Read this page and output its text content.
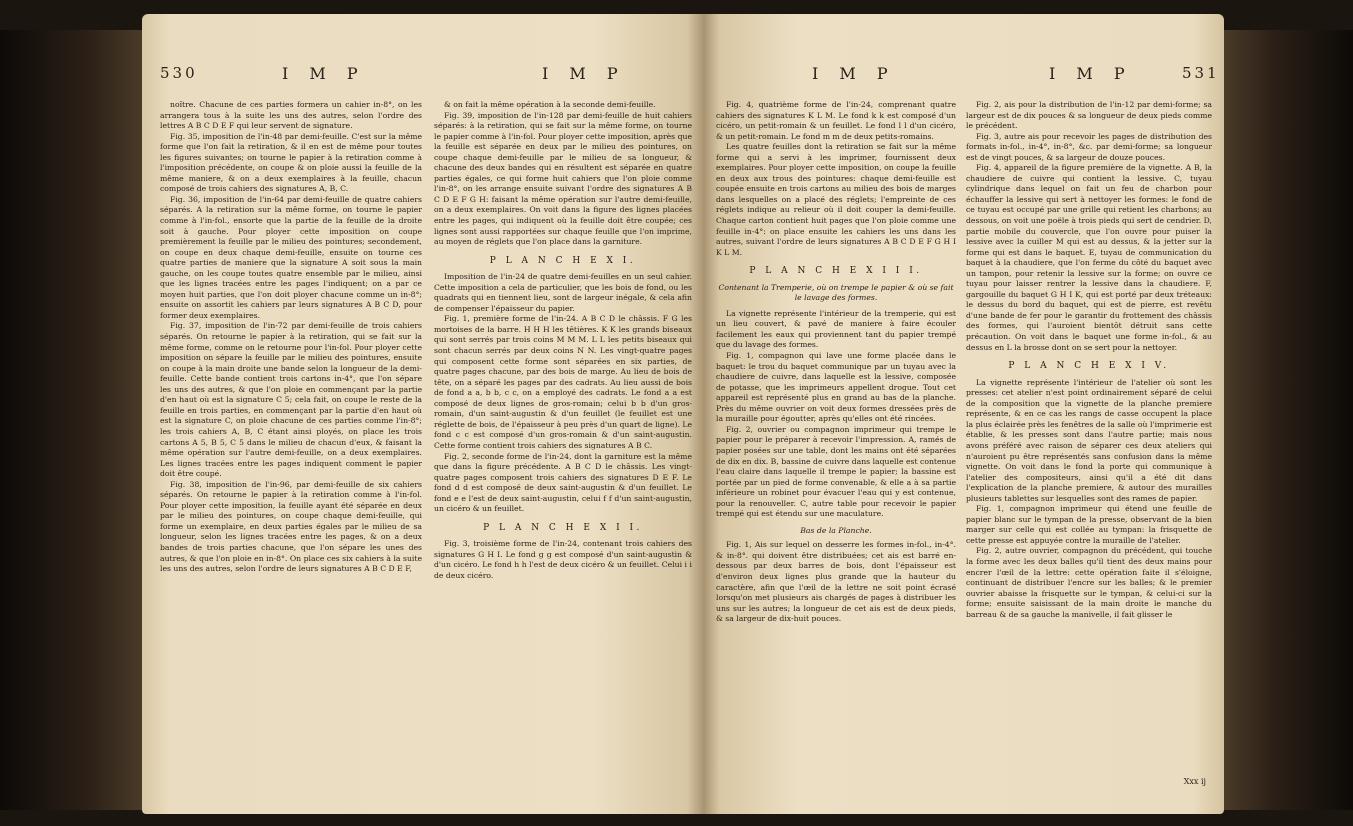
530	I M P	I M P

noître. Chacune de ces parties formera un cahier in-8°, on les arrangera tous à la suite les uns des autres, selon l'ordre des lettres A B C D E F qui leur servent de signature.

Fig. 35, imposition de l'in-48 par demi-feuille. C'est sur la même forme que l'on fait la retiration, & il en est de même pour toutes les figures suivantes; on tourne le papier à la retiration comme à l'imposition précédente, on coupe & on ploie aussi la feuille de la même maniere, & on a deux exemplaires à la feuille, chacun composé de trois cahiers des signatures A, B, C.

Fig. 36, imposition de l'in-64 par demi-feuille de quatre cahiers séparés. A la retiration sur la même forme, on tourne le papier comme à l'in-fol., ensorte que la partie de la feuille de la droite soit à gauche. Pour ployer cette imposition on coupe premièrement la feuille par le milieu des pointures; secondement, on coupe en deux chaque demi-feuille, ensuite on tourne ces quatre parties de maniere que la signature A soit sous la main gauche, on les coupe toutes quatre ensemble par le milieu, ainsi que les lignes tracées entre les pages l'indiquent; on a par ce moyen huit parties, que l'on doit ployer chacune comme un in-8°; ensuite on assortit les cahiers par leurs signatures A B C D, pour former deux exemplaires.

Fig. 37, imposition de l'in-72 par demi-feuille de trois cahiers séparés. On retourne le papier à la retiration, qui se fait sur la même forme, comme on le retourne pour l'in-fol. Pour ployer cette imposition on sépare la feuille par le milieu des pointures, ensuite on coupe à la main droite une bande selon la longueur de la demi-feuille. Cette bande contient trois cartons in-4°, que l'on sépare les uns des autres, & que l'on ploie en commençant par la partie d'en haut où est la signature C 5; cela fait, on coupe le reste de la feuille en trois parties, en commençant par la partie d'en haut où est la signature C, on ploie chacune de ces parties comme l'in-8°; les trois cahiers A, B, C étant ainsi ployés, on place les trois cartons A 5, B 5, C 5 dans le milieu de chacun d'eux, & faisant la même opération sur l'autre demi-feuille, on a deux exemplaires. Les lignes tracées entre les pages indiquent comment le papier doit être coupé.

Fig. 38, imposition de l'in-96, par demi-feuille de six cahiers séparés. On retourne le papier à la retiration comme à l'in-fol. Pour ployer cette imposition, la feuille ayant été séparée en deux par le milieu des pointures, on coupe chaque demi-feuille, qui forme un exemplaire, en deux parties égales par le milieu de sa longueur, selon les lignes tracées entre les pages, & on a deux bandes de trois parties chacune, que l'on sépare les unes des autres, & que l'on ploie en in-8°. On place ces six cahiers à la suite les uns des autres, selon l'ordre de leurs signatures A B C D E F,

& on fait la même opération à la seconde demi-feuille.

Fig. 39, imposition de l'in-128 par demi-feuille de huit cahiers séparés: à la retiration, qui se fait sur la même forme, on tourne le papier comme à l'in-fol. Pour ployer cette imposition, après que la feuille est séparée en deux par le milieu des pointures, on coupe chaque demi-feuille par le milieu de sa longueur, & chacune des deux bandes qui en résultent est séparée en quatre parties égales, ce qui forme huit cahiers que l'on ploie comme l'in-8°, on les arrange ensuite suivant l'ordre des signatures A B C D E F G H: faisant la même opération sur l'autre demi-feuille, on a deux exemplaires. On voit dans la figure des lignes placées entre les pages, qui indiquent où la feuille doit être coupée; ces lignes sont aussi rapportées sur chaque feuille que l'on imprime, au moyen de réglets que l'on place dans la garniture.

P L A N C H E X I.

Imposition de l'in-24 de quatre demi-feuilles en un seul cahier. Cette imposition a cela de particulier, que les bois de fond, ou les quadrats qui en tiennent lieu, sont de largeur inégale, & cela afin de compenser l'épaisseur du papier.

Fig. 1, première forme de l'in-24. A B C D le châssis. F G les mortoises de la barre. H H H les têtières. K K les grands biseaux qui sont serrés par trois coins M M M. L L les petits biseaux qui sont chacun serrés par deux coins N N. Les vingt-quatre pages qui composent cette forme sont séparées en six parties, de quatre pages chacune, par des bois de marge. Au lieu de bois de tête, on a séparé les pages par des cadrats. Au lieu aussi de bois de fond a a, b b, c c, on a employé des cadrats. Le fond a a est composé de deux lignes de gros-romain; celui b b d'un gros-romain, d'un saint-augustin & d'un feuillet (le feuillet est une réglette de bois, de l'épaisseur à peu près d'un quart de ligne). Le fond c c est composé d'un gros-romain & d'un saint-augustin. Cette forme contient trois cahiers des signatures A B C.

Fig. 2, seconde forme de l'in-24, dont la garniture est la même que dans la figure précédente. A B C D le châssis. Les vingt-quatre pages composent trois cahiers des signatures D E F. Le fond d d est composé de deux saint-augustin & d'un feuillet. Le fond e e l'est de deux saint-augustin, celui f f d'un saint-augustin, un cicéro & un feuillet.

P L A N C H E X I I.

Fig. 3, troisième forme de l'in-24, contenant trois cahiers des signatures G H I. Le fond g g est composé d'un saint-augustin & d'un cicéro. Le fond h h l'est de deux cicéro & un feuillet. Celui i i de deux cicéro.

I M P	I M P	531

Fig. 4, quatrième forme de l'in-24, comprenant quatre cahiers des signatures K L M. Le fond k k est composé d'un cicéro, un petit-romain & un feuillet. Le fond l l d'un cicéro, & un petit-romain. Le fond m m de deux petits-romains.

Les quatre feuilles dont la retiration se fait sur la même forme qui a servi à les imprimer, fournissent deux exemplaires. Pour ployer cette imposition, on coupe la feuille en deux aux trous des pointures: chaque demi-feuille est coupée ensuite en trois cartons au milieu des bois de marges dans lesquelles on a placé des réglets; l'empreinte de ces réglets indique au relieur où il doit couper la demi-feuille. Chaque carton contient huit pages que l'on ploie comme une feuille in-4°: on place ensuite les cahiers les uns dans les autres, suivant l'ordre de leurs signatures A B C D E F G H I K L M.

P L A N C H E X I I I.

Contenant la Tremperie, où on trempe le papier & où se fait le lavage des formes.

La vignette représente l'intérieur de la tremperie, qui est un lieu couvert, & pavé de maniere à faire écouler facilement les eaux qui proviennent tant du papier trempé que du lavage des formes.

Fig. 1, compagnon qui lave une forme placée dans le baquet: le trou du baquet communique par un tuyau avec la chaudiere de cuivre, dans laquelle est la lessive, composée de potasse, que les imprimeurs appellent drogue. Tout cet appareil est représenté plus en grand au bas de la planche. Près du même ouvrier on voit deux formes dressées près de la muraille pour égoutter, après qu'elles ont été rincées.

Fig. 2, ouvrier ou compagnon imprimeur qui trempe le papier pour le préparer à recevoir l'impression. A, ramés de papier posées sur une table, dont les mains ont été séparées de dix en dix. B, bassine de cuivre dans laquelle est contenue l'eau claire dans laquelle il trempe le papier; la bassine est portée par un pied de forme convenable, & elle a à sa partie inférieure un robinet pour évacuer l'eau qui y est contenue, pour la renouveller. C, autre table pour recevoir le papier trempé qui est étendu sur une maculature.

Bas de la Planche.

Fig. 1, Ais sur lequel on desserre les formes in-fol., in-4°. & in-8°. qui doivent être distribuées; cet ais est barré en-dessous par deux barres de bois, dont l'épaisseur est d'environ deux lignes plus grande que la hauteur du caractère, afin que l'œil de la lettre ne soit point écrasé lorsqu'on met plusieurs ais chargés de pages à distribuer les uns sur les autres; la longueur de cet ais est de deux pieds, & sa largeur de dix-huit pouces.

Fig. 2, ais pour la distribution de l'in-12 par demi-forme; sa largeur est de dix pouces & sa longueur de deux pieds comme le précédent.

Fig. 3, autre ais pour recevoir les pages de distribution des formats in-fol., in-4°, in-8°, &c. par demi-forme; sa longueur est de vingt pouces, & sa largeur de douze pouces.

Fig. 4, appareil de la figure première de la vignette. A B, la chaudiere de cuivre qui contient la lessive. C, tuyau cylindrique dans lequel on fait un feu de charbon pour échauffer la lessive qui sert à nettoyer les formes: le fond de ce tuyau est occupé par une grille qui retient les charbons; au dessous, on voit une poële à trois pieds qui sert de cendrier. D, partie mobile du couvercle, que l'on ouvre pour puiser la lessive avec la cuiller M qui est au dessus, & la jetter sur la forme qui est dans le baquet. E, tuyau de communication du baquet à la chaudiere, que l'on ferme du côté du baquet avec un tampon, pour retenir la lessive sur la forme; on ouvre ce tuyau pour laisser rentrer la lessive dans la chaudiere. F, gargouille du baquet G H I K, qui est porté par deux tréteaux: le dessus du bord du baquet, qui est de pierre, est revêtu d'une bande de fer pour le garantir du frottement des châssis des formes, qui l'auroient bientôt détruit sans cette précaution. On voit dans le baquet une forme in-fol., & au dessus en L la brosse dont on se sert pour la nettoyer.

P L A N C H E X I V.

La vignette représente l'intérieur de l'atelier où sont les presses: cet atelier n'est point ordinairement séparé de celui de la composition que la vignette de la planche premiere représente, & en ce cas les rangs de casse occupent la place la plus éclairée près les fenêtres de la salle où l'imprimerie est établie, & les presses sont dans l'autre partie; mais nous avons préféré avec raison de séparer ces deux ateliers qui n'auroient pu être représentés sans confusion dans la même vignette. On voit dans le fond la porte qui communique à l'atelier des compositeurs, ainsi qu'il a été dit dans l'explication de la planche premiere, & autour des murailles plusieurs tablettes sur lesquelles sont des rames de papier.

Fig. 1, compagnon imprimeur qui étend une feuille de papier blanc sur le tympan de la presse, observant de la bien marger sur celle qui est collée au tympan: la frisquette de cette presse est appuyée contre la muraille de l'atelier.

Fig. 2, autre ouvrier, compagnon du précédent, qui touche la forme avec les deux balles qu'il tient des deux mains pour encrer l'œil de la lettre: cette opération faite il s'éloigne, continuant de distribuer l'encre sur les balles; & le premier ouvrier abaisse la frisquette sur le tympan, & celui-ci sur la forme; ensuite saisissant de la main droite le manche du barreau & de sa gauche la manivelle, il fait glisser le

Xxx ij
